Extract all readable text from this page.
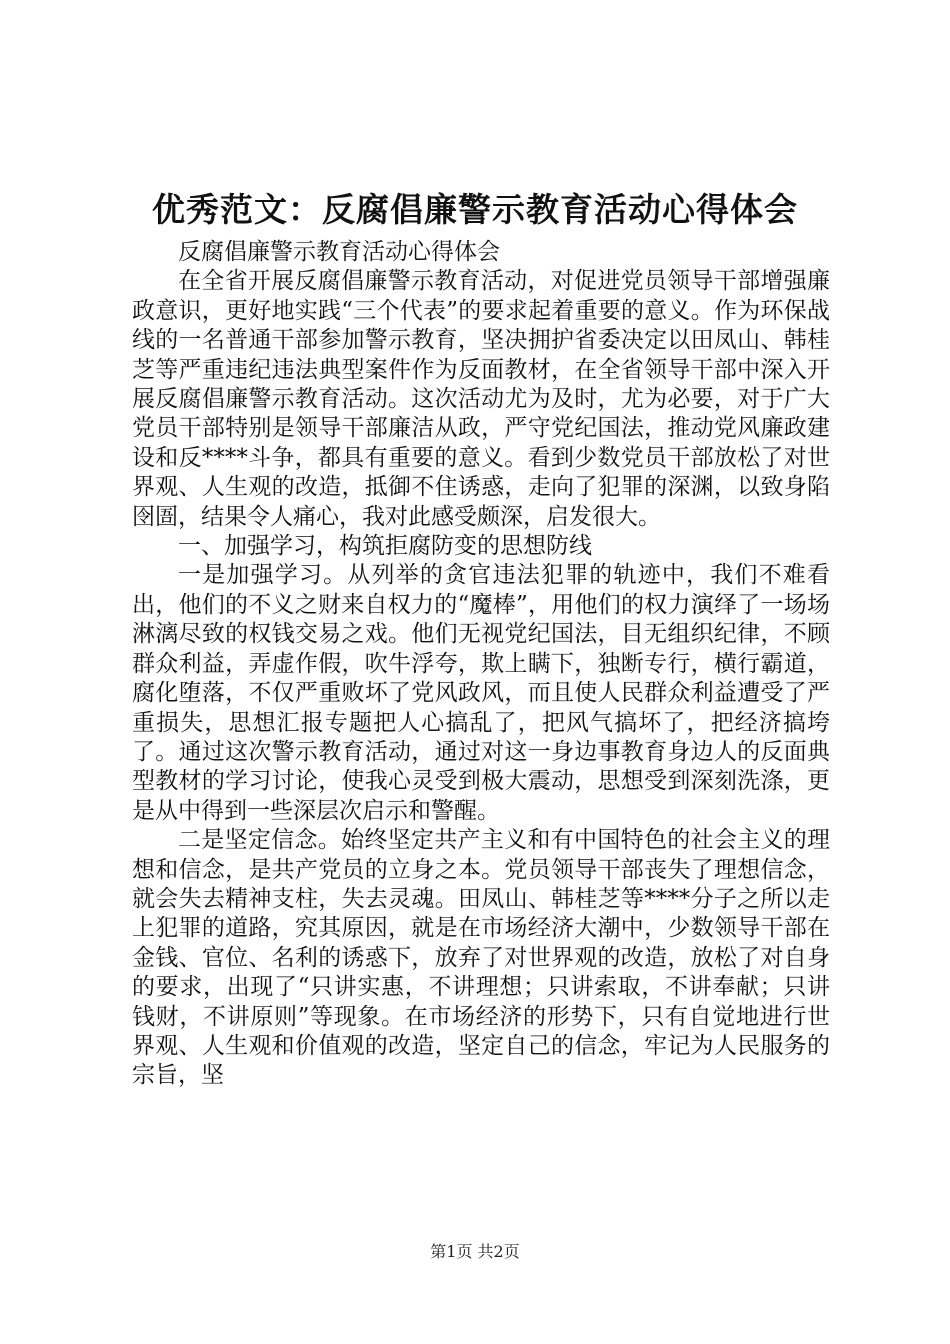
优秀范文：反腐倡廉警示教育活动心得体会

反腐倡廉警示教育活动心得体会

在全省开展反腐倡廉警示教育活动，对促进党员领导干部增强廉政意识，更好地实践“三个代表”的要求起着重要的意义。作为环保战线的一名普通干部参加警示教育，坚决拥护省委决定以田凤山、韩桂芝等严重违纪违法典型案件作为反面教材，在全省领导干部中深入开展反腐倡廉警示教育活动。这次活动尤为及时，尤为必要，对于广大党员干部特别是领导干部廉洁从政，严守党纪国法，推动党风廉政建设和反****斗争，都具有重要的意义。看到少数党员干部放松了对世界观、人生观的改造，抵御不住诱惑，走向了犯罪的深渊，以致身陷囹圄，结果令人痛心，我对此感受颇深，启发很大。

一、加强学习，构筑拒腐防变的思想防线

一是加强学习。从列举的贪官违法犯罪的轨迹中，我们不难看出，他们的不义之财来自权力的“魔棒”，用他们的权力演绎了一场场淋漓尽致的权钱交易之戏。他们无视党纪国法，目无组织纪律，不顾群众利益，弄虚作假，吹牛浮夸，欺上瞒下，独断专行，横行霸道，腐化堕落，不仅严重败坏了党风政风，而且使人民群众利益遭受了严重损失，思想汇报专题把人心搞乱了，把风气搞坏了，把经济搞垮了。通过这次警示教育活动，通过对这一身边事教育身边人的反面典型教材的学习讨论，使我心灵受到极大震动，思想受到深刻洗涤，更是从中得到一些深层次启示和警醒。

二是坚定信念。始终坚定共产主义和有中国特色的社会主义的理想和信念，是共产党员的立身之本。党员领导干部丧失了理想信念，就会失去精神支柱，失去灵魂。田凤山、韩桂芝等****分子之所以走上犯罪的道路，究其原因，就是在市场经济大潮中，少数领导干部在金钱、官位、名利的诱惑下，放弃了对世界观的改造，放松了对自身的要求，出现了“只讲实惠，不讲理想；只讲索取，不讲奉献；只讲钱财，不讲原则”等现象。在市场经济的形势下，只有自觉地进行世界观、人生观和价值观的改造，坚定自己的信念，牢记为人民服务的宗旨，坚

第1页 共2页
